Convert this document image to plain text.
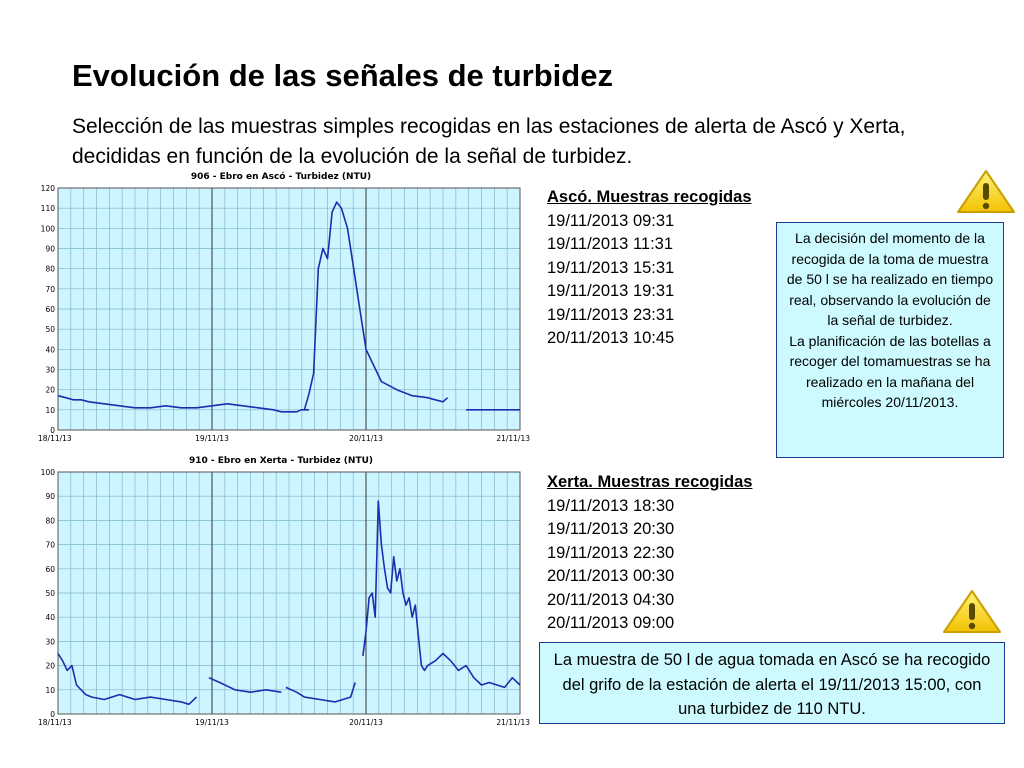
Evolución de las señales de turbidez
Selección de las muestras simples recogidas en las estaciones de alerta de Ascó y Xerta, decididas en función de la evolución de la señal de turbidez.
0
10
20
30
40
50
60
70
80
90
100
110
120
18/11/13	19/11/13	20/11/13	21/11/13
906 - Ebro en Ascó - Turbidez (NTU)
0
10
20
30
40
50
60
70
80
90
100
18/11/13	19/11/13	20/11/13	21/11/13
910 - Ebro en Xerta - Turbidez (NTU)
Ascó. Muestras recogidas
19/11/2013 09:31
19/11/2013 11:31
19/11/2013 15:31
19/11/2013 19:31
19/11/2013 23:31
20/11/2013 10:45
Xerta. Muestras recogidas
19/11/2013 18:30
19/11/2013 20:30
19/11/2013 22:30
20/11/2013 00:30
20/11/2013 04:30
20/11/2013 09:00
La decisión del momento de la recogida de la toma de muestra de 50 l se ha realizado en tiempo real, observando la evolución de la señal de turbidez.
La planificación de las botellas a recoger del tomamuestras se ha realizado en la mañana del miércoles 20/11/2013.
La muestra de 50 l de agua tomada en Ascó se ha recogido del grifo de la estación de alerta el 19/11/2013 15:00, con una turbidez de 110 NTU.
